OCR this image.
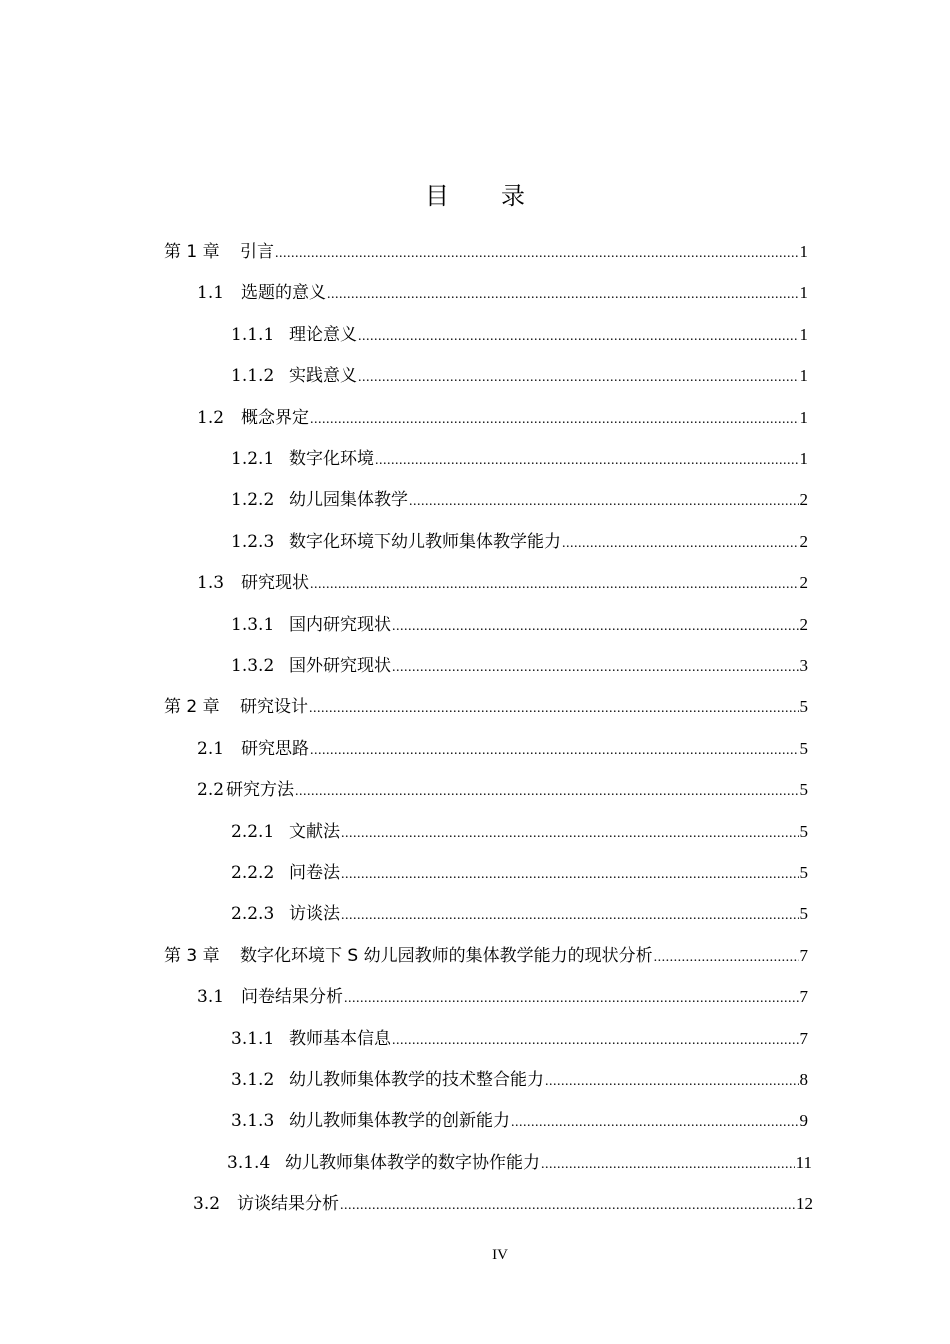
目 录
第 1 章	引言 .....	1
1.1 选题的意义 .....	1
1.1.1 理论意义 .....	1
1.1.2 实践意义 .....	1
1.2 概念界定 .....	1
1.2.1 数字化环境 .....	1
1.2.2 幼儿园集体教学 .....	2
1.2.3 数字化环境下幼儿教师集体教学能力 .....	2
1.3 研究现状 .....	2
1.3.1 国内研究现状 .....	2
1.3.2 国外研究现状 .....	3
第 2 章	研究设计 .....	5
2.1 研究思路 .....	5
2.2 研究方法 .....	5
2.2.1 文献法 .....	5
2.2.2 问卷法 .....	5
2.2.3 访谈法 .....	5
第 3 章	数字化环境下 S 幼儿园教师的集体教学能力的现状分析 .....	7
3.1 问卷结果分析 .....	7
3.1.1 教师基本信息 .....	7
3.1.2 幼儿教师集体教学的技术整合能力 .....	8
3.1.3 幼儿教师集体教学的创新能力 .....	9
3.1.4 幼儿教师集体教学的数字协作能力 .....	11
3.2 访谈结果分析 .....	12
IV
